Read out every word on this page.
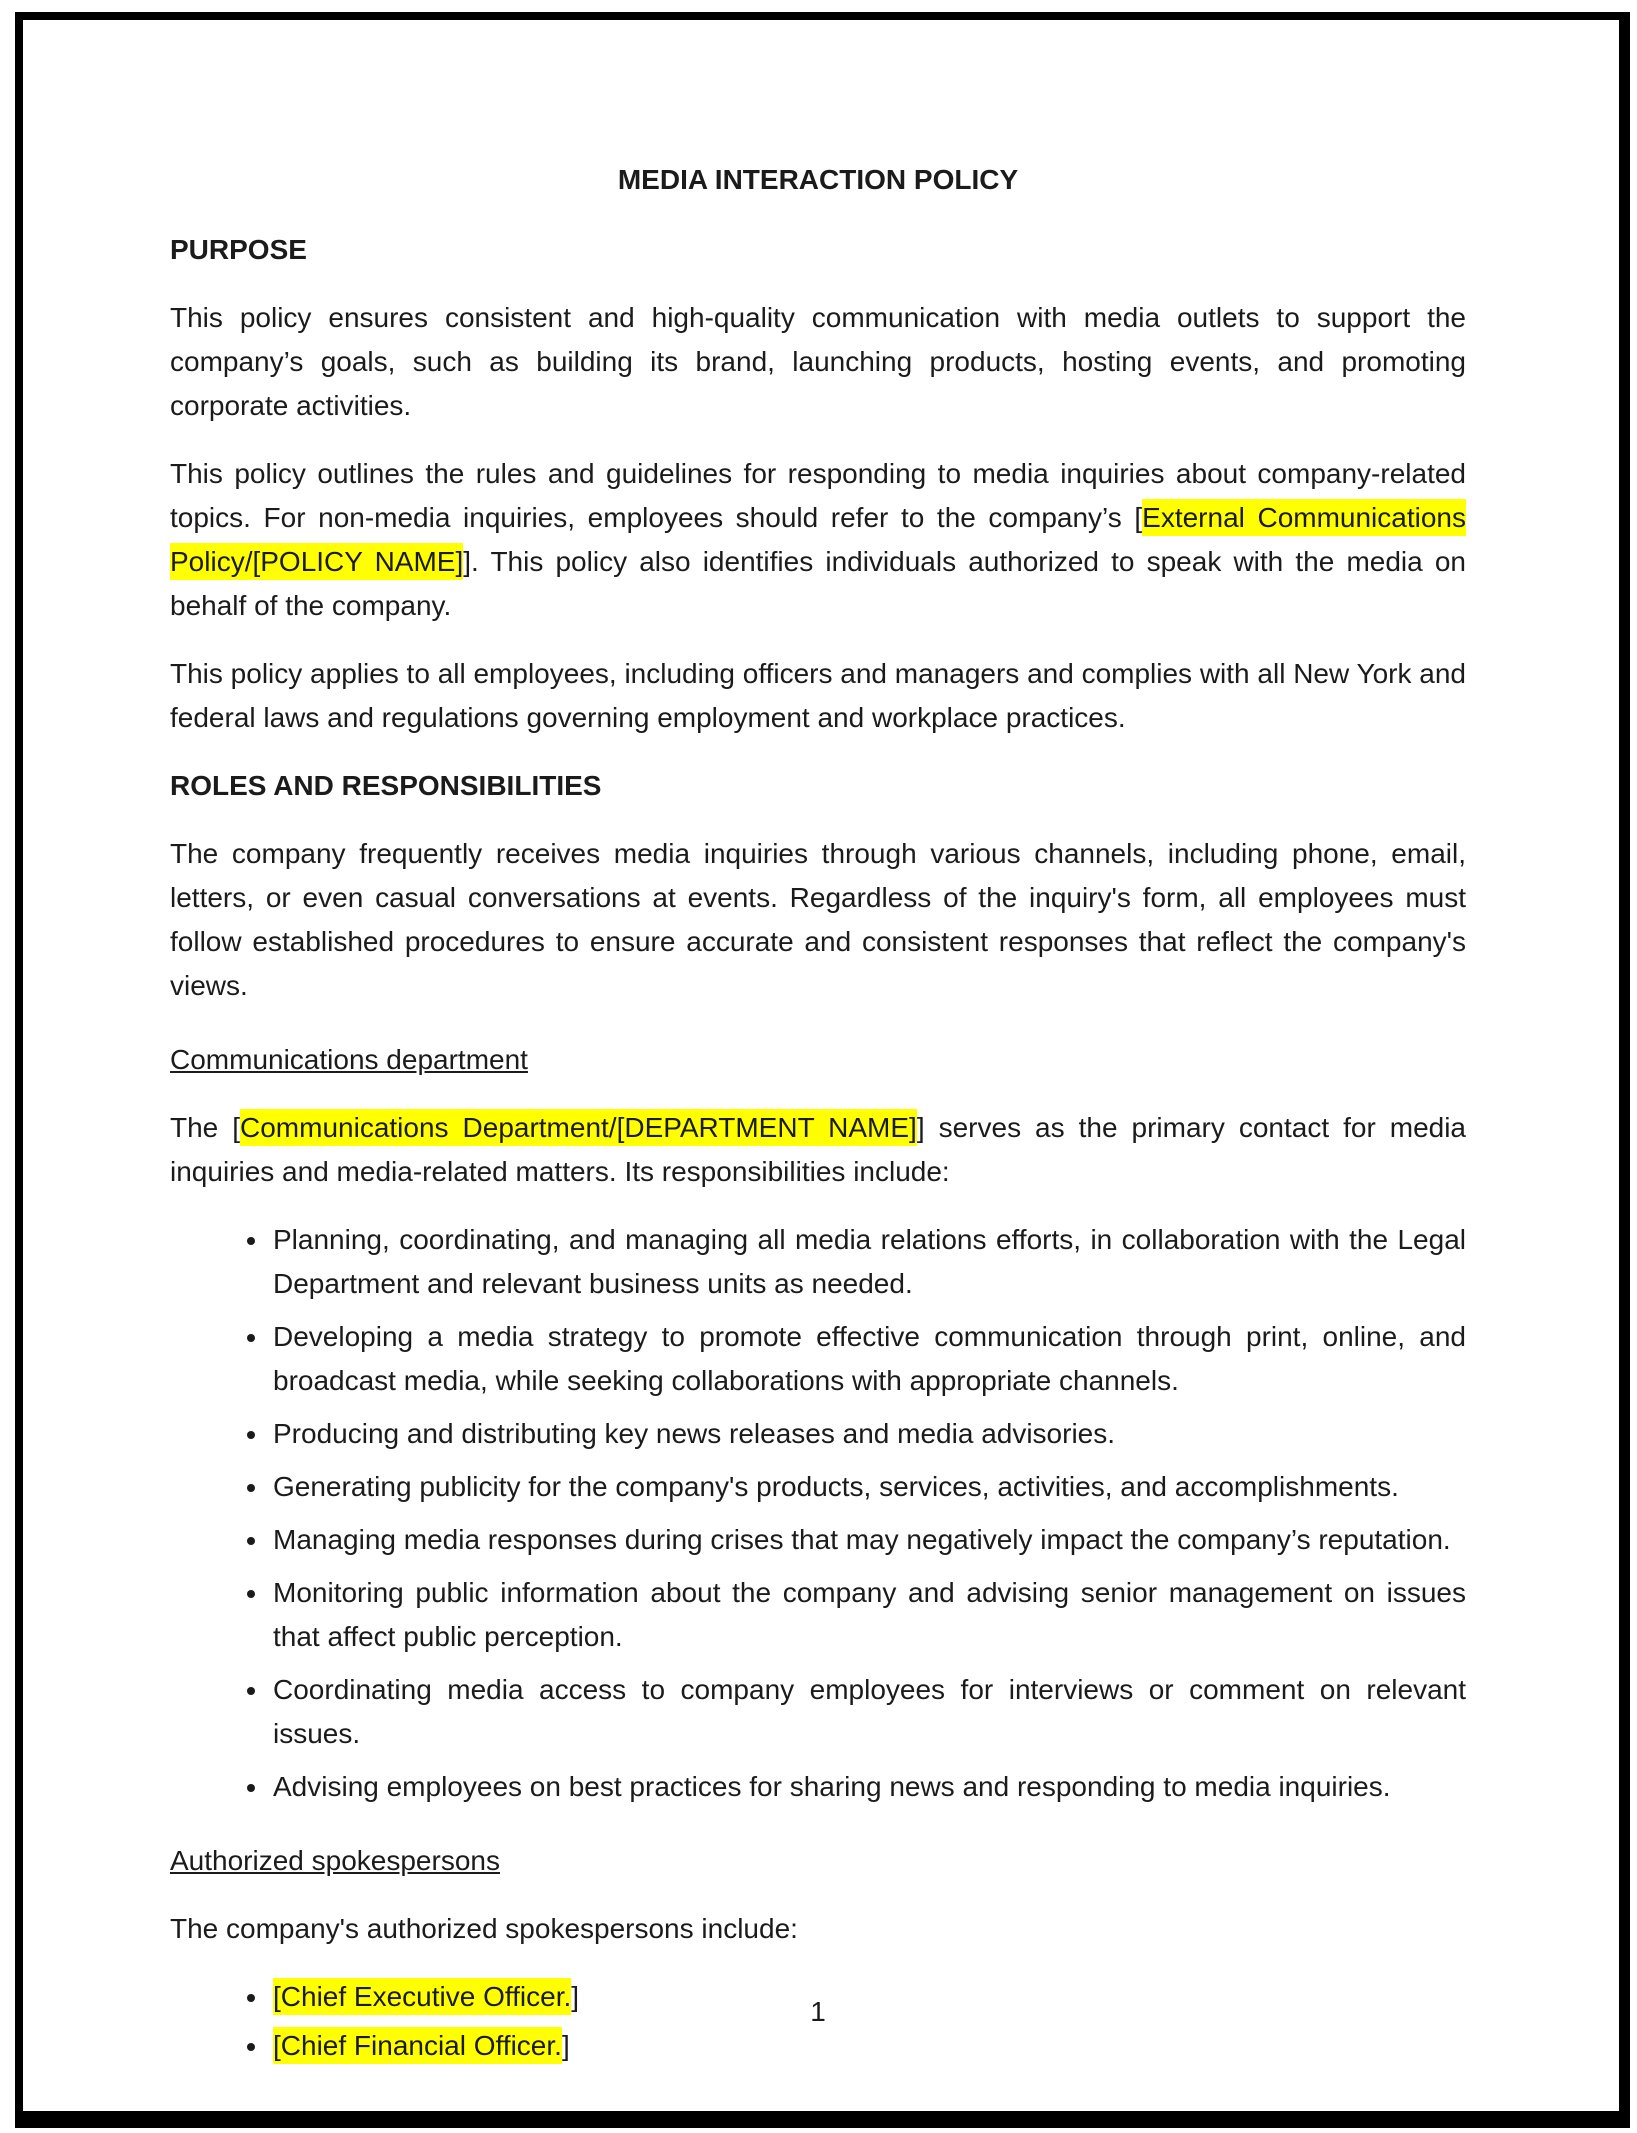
MEDIA INTERACTION POLICY
PURPOSE

This policy ensures consistent and high-quality communication with media outlets to support the company’s goals, such as building its brand, launching products, hosting events, and promoting corporate activities.

This policy outlines the rules and guidelines for responding to media inquiries about company-related topics. For non-media inquiries, employees should refer to the company’s [External Communications Policy/[POLICY NAME]]. This policy also identifies individuals authorized to speak with the media on behalf of the company.

This policy applies to all employees, including officers and managers and complies with all New York and federal laws and regulations governing employment and workplace practices.

ROLES AND RESPONSIBILITIES

The company frequently receives media inquiries through various channels, including phone, email, letters, or even casual conversations at events. Regardless of the inquiry's form, all employees must follow established procedures to ensure accurate and consistent responses that reflect the company's views.

Communications department

The [Communications Department/[DEPARTMENT NAME]] serves as the primary contact for media inquiries and media-related matters. Its responsibilities include:

• Planning, coordinating, and managing all media relations efforts, in collaboration with the Legal Department and relevant business units as needed.
• Developing a media strategy to promote effective communication through print, online, and broadcast media, while seeking collaborations with appropriate channels.
• Producing and distributing key news releases and media advisories.
• Generating publicity for the company's products, services, activities, and accomplishments.
• Managing media responses during crises that may negatively impact the company’s reputation.
• Monitoring public information about the company and advising senior management on issues that affect public perception.
• Coordinating media access to company employees for interviews or comment on relevant issues.
• Advising employees on best practices for sharing news and responding to media inquiries.
Authorized spokespersons

The company's authorized spokespersons include:

• [Chief Executive Officer.]
• [Chief Financial Officer.]
1
